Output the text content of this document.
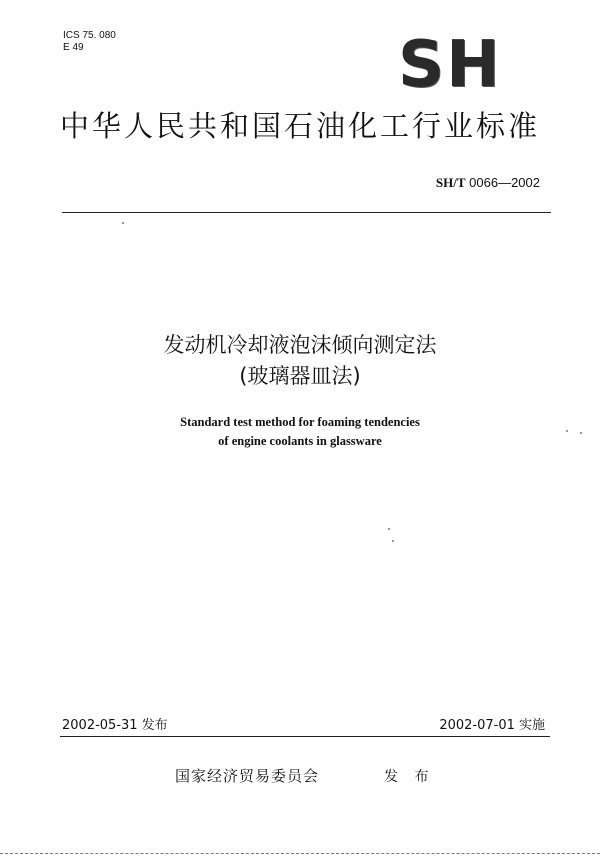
ICS 75. 080
E 49	SH
中华人民共和国石油化工行业标准
SH/T 0066—2002
发动机冷却液泡沫倾向测定法
(玻璃器皿法)
Standard test method for foaming tendencies
of engine coolants in glassware
2002-05-31 发布	2002-07-01 实施
国家经济贸易委员会	发 布
